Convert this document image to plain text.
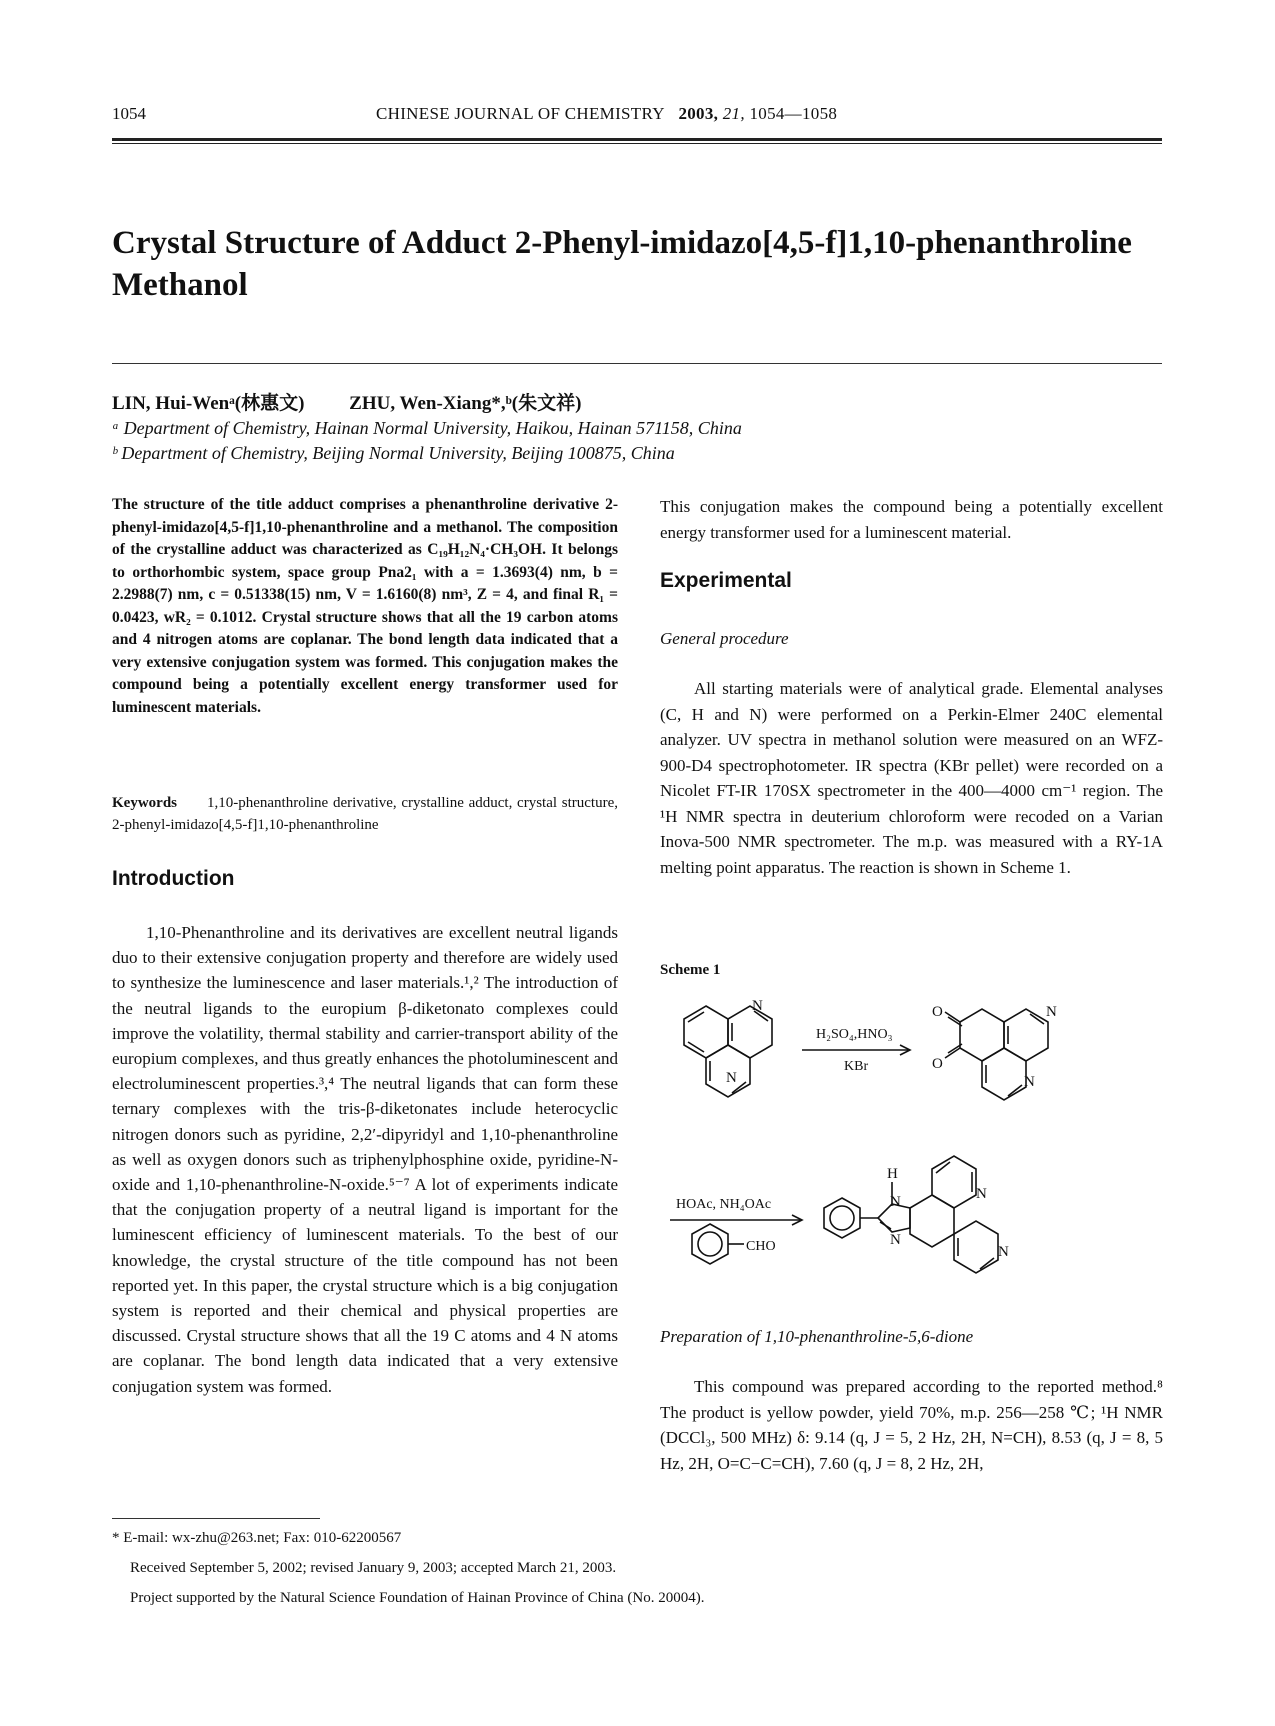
1054	CHINESE JOURNAL OF CHEMISTRY 2003, 21, 1054—1058
Crystal Structure of Adduct 2-Phenyl-imidazo[4,5-f]1,10-phenanthroline Methanol
LIN, Hui-Wenᵃ(林惠文) ZHU, Wen-Xiang*,ᵇ(朱文祥)
ᵃ Department of Chemistry, Hainan Normal University, Haikou, Hainan 571158, China
ᵇ Department of Chemistry, Beijing Normal University, Beijing 100875, China
The structure of the title adduct comprises a phenanthroline derivative 2-phenyl-imidazo[4,5-f]1,10-phenanthroline and a methanol. The composition of the crystalline adduct was characterized as C₁₉H₁₂N₄·CH₃OH. It belongs to orthorhombic system, space group Pna2₁ with a = 1.3693(4) nm, b = 2.2988(7) nm, c = 0.51338(15) nm, V = 1.6160(8) nm³, Z = 4, and final R₁ = 0.0423, wR₂ = 0.1012. Crystal structure shows that all the 19 carbon atoms and 4 nitrogen atoms are coplanar. The bond length data indicated that a very extensive conjugation system was formed. This conjugation makes the compound being a potentially excellent energy transformer used for luminescent materials.
Keywords 1,10-phenanthroline derivative, crystalline adduct, crystal structure, 2-phenyl-imidazo[4,5-f]1,10-phenanthroline
Introduction

1,10-Phenanthroline and its derivatives are excellent neutral ligands duo to their extensive conjugation property and therefore are widely used to synthesize the luminescence and laser materials.¹,² The introduction of the neutral ligands to the europium β-diketonato complexes could improve the volatility, thermal stability and carrier-transport ability of the europium complexes, and thus greatly enhances the photoluminescent and electroluminescent properties.³,⁴ The neutral ligands that can form these ternary complexes with the tris-β-diketonates include heterocyclic nitrogen donors such as pyridine, 2,2′-dipyridyl and 1,10-phenanthroline as well as oxygen donors such as triphenylphosphine oxide, pyridine-N-oxide and 1,10-phenanthroline-N-oxide.⁵⁻⁷ A lot of experiments indicate that the conjugation property of a neutral ligand is important for the luminescent efficiency of luminescent materials. To the best of our knowledge, the crystal structure of the title compound has not been reported yet. In this paper, the crystal structure which is a big conjugation system is reported and their chemical and physical properties are discussed. Crystal structure shows that all the 19 C atoms and 4 N atoms are coplanar. The bond length data indicated that a very extensive conjugation system was formed.

This conjugation makes the compound being a potentially excellent energy transformer used for a luminescent material.
Experimental
General procedure

All starting materials were of analytical grade. Elemental analyses (C, H and N) were performed on a Perkin-Elmer 240C elemental analyzer. UV spectra in methanol solution were measured on an WFZ-900-D4 spectrophotometer. IR spectra (KBr pellet) were recorded on a Nicolet FT-IR 170SX spectrometer in the 400—4000 cm⁻¹ region. The ¹H NMR spectra in deuterium chloroform were recoded on a Varian Inova-500 NMR spectrometer. The m.p. was measured with a RY-1A melting point apparatus. The reaction is shown in Scheme 1.

Scheme 1
N
N
H₂SO₄,HNO₃
KBr
O
O
N
N
HOAc, NH₄OAc
CHO
H
N
N
N
N
Preparation of 1,10-phenanthroline-5,6-dione

This compound was prepared according to the reported method.⁸ The product is yellow powder, yield 70%, m.p. 256—258 ℃; ¹H NMR (DCCl₃, 500 MHz) δ: 9.14 (q, J = 5, 2 Hz, 2H, N=CH), 8.53 (q, J = 8, 5 Hz, 2H, O=C−C=CH), 7.60 (q, J = 8, 2 Hz, 2H,

* E-mail: wx-zhu@263.net; Fax: 010-62200567
Received September 5, 2002; revised January 9, 2003; accepted March 21, 2003.
Project supported by the Natural Science Foundation of Hainan Province of China (No. 20004).
